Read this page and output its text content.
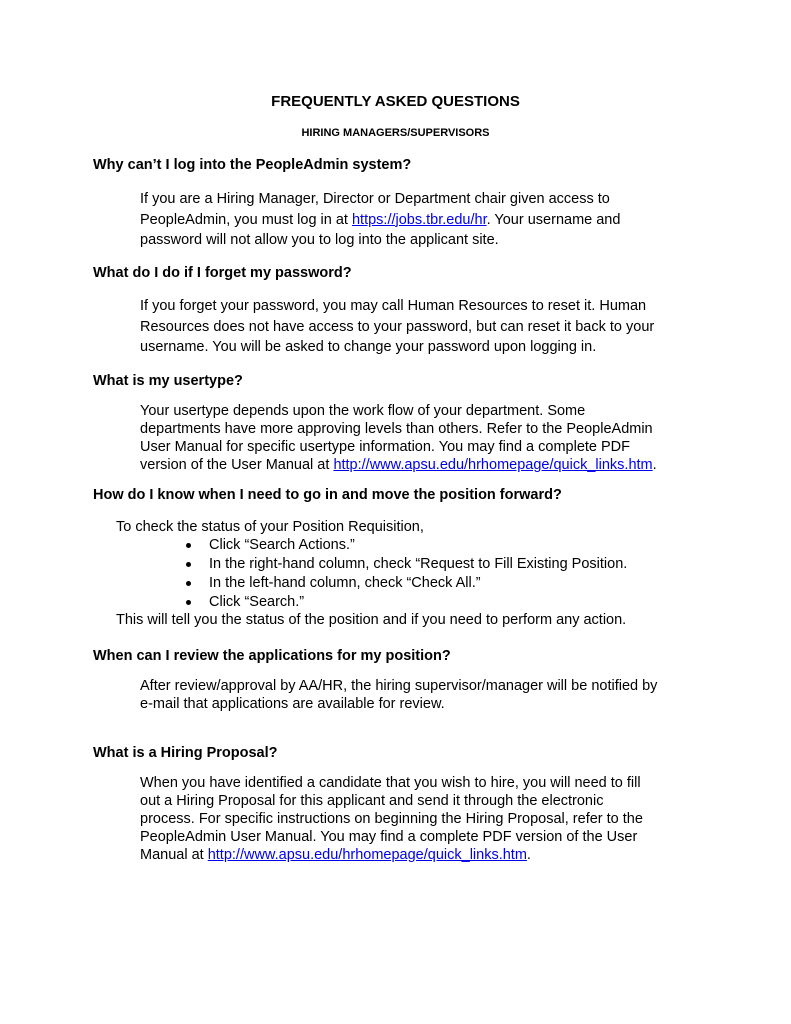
FREQUENTLY ASKED QUESTIONS
HIRING MANAGERS/SUPERVISORS
Why can’t I log into the PeopleAdmin system?
If you are a Hiring Manager, Director or Department chair given access to
PeopleAdmin, you must log in at https://jobs.tbr.edu/hr. Your username and
password will not allow you to log into the applicant site.
What do I do if I forget my password?
If you forget your password, you may call Human Resources to reset it. Human
Resources does not have access to your password, but can reset it back to your
username. You will be asked to change your password upon logging in.
What is my usertype?
Your usertype depends upon the work flow of your department. Some
departments have more approving levels than others. Refer to the PeopleAdmin
User Manual for specific usertype information. You may find a complete PDF
version of the User Manual at http://www.apsu.edu/hrhomepage/quick_links.htm.
How do I know when I need to go in and move the position forward?

To check the status of your Position Requisition,

Click “Search Actions.”
In the right-hand column, check “Request to Fill Existing Position.
In the left-hand column, check “Check All.”
Click “Search.”

This will tell you the status of the position and if you need to perform any action.

When can I review the applications for my position?
After review/approval by AA/HR, the hiring supervisor/manager will be notified by
e-mail that applications are available for review.
What is a Hiring Proposal?
When you have identified a candidate that you wish to hire, you will need to fill
out a Hiring Proposal for this applicant and send it through the electronic
process. For specific instructions on beginning the Hiring Proposal, refer to the
PeopleAdmin User Manual. You may find a complete PDF version of the User
Manual at http://www.apsu.edu/hrhomepage/quick_links.htm.
